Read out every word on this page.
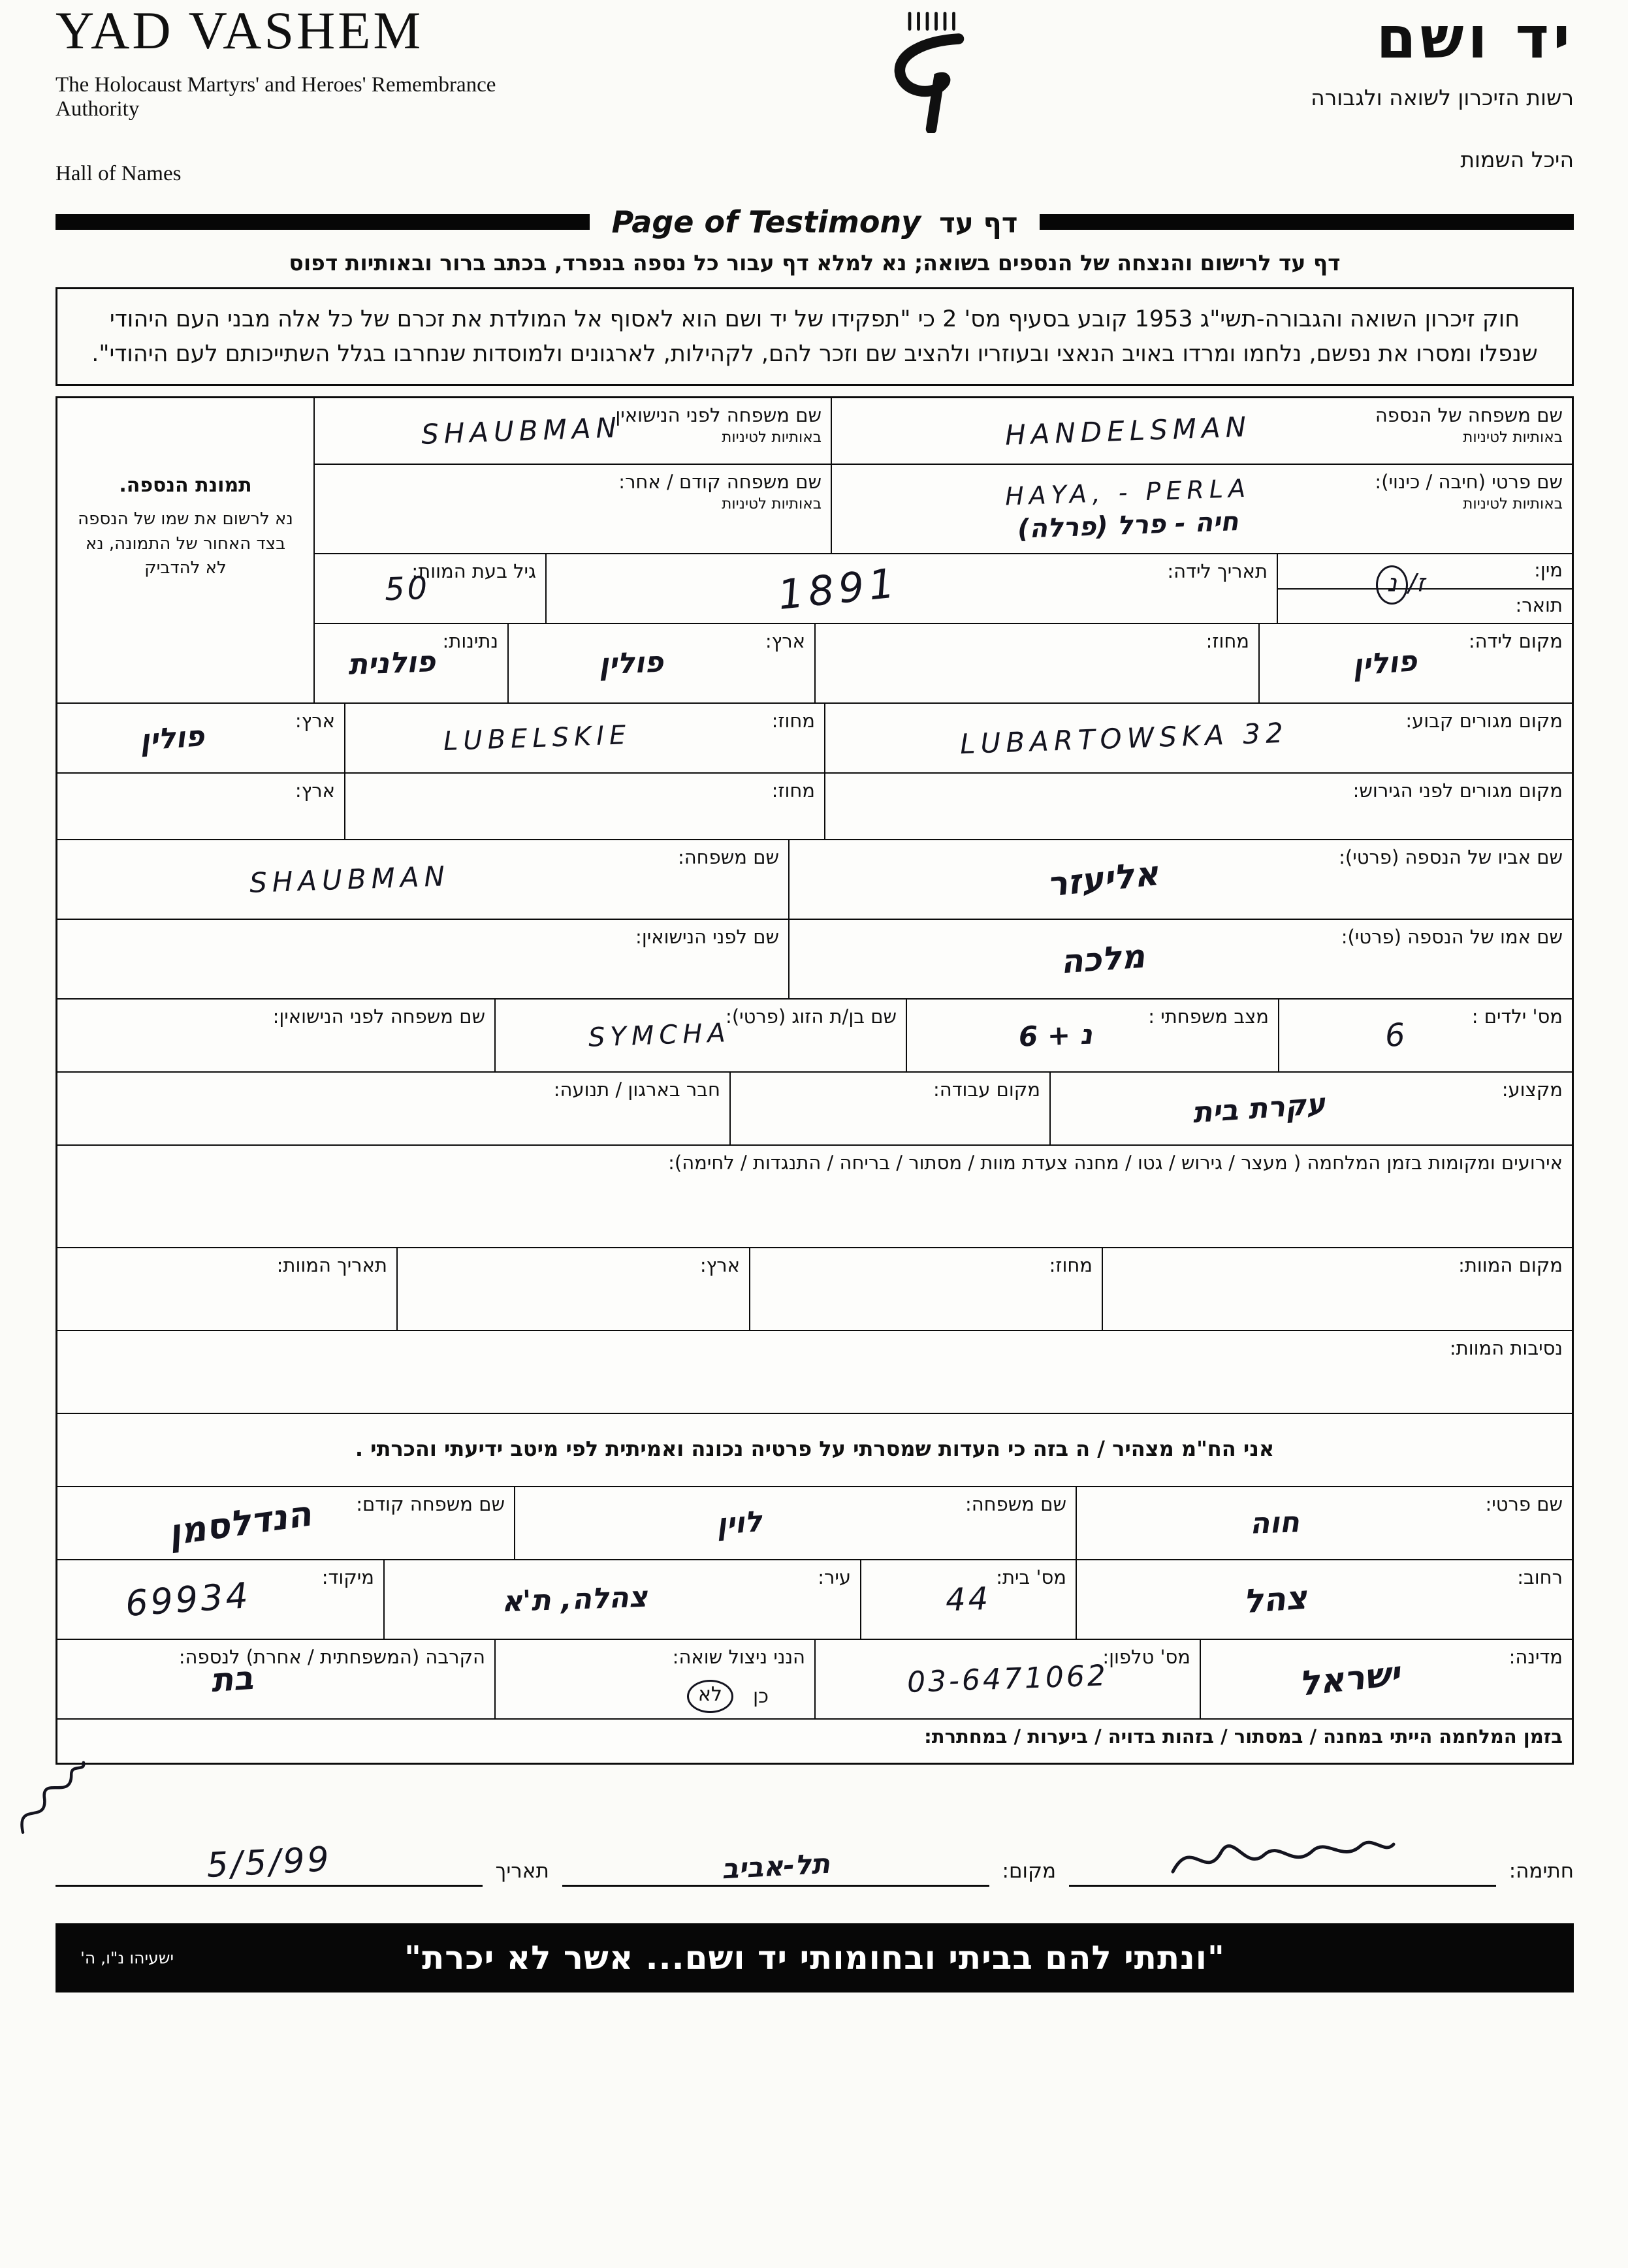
YAD VASHEM
The Holocaust Martyrs' and Heroes' Remembrance Authority
Hall of Names
יד ושם
רשות הזיכרון לשואה ולגבורה
היכל השמות
Page of Testimony דף עד
דף עד לרישום והנצחה של הנספים בשואה; נא למלא דף עבור כל נספה בנפרד, בכתב ברור ובאותיות דפוס
חוק זיכרון השואה והגבורה-תשי"ג 1953 קובע בסעיף מס' 2 כי "תפקידו של יד ושם הוא לאסוף אל המולדת את זכרם של כל אלה מבני העם היהודי שנפלו ומסרו את נפשם, נלחמו ומרדו באויב הנאצי ובעוזריו ולהציב שם וזכר להם, לקהילות, לארגונים ולמוסדות שנחרבו בגלל השתייכותם לעם היהודי".
שם משפחה של הנספה
באותיות לטיניות
HANDELSMAN
שם משפחה לפני הנישואין
באותיות לטיניות
SHAUBMAN
שם פרטי (חיבה / כינוי):
באותיות לטיניות
HAYA, - PERLA
חיה - פרל (פרלה)
שם משפחה קודם / אחר:
באותיות לטיניות
מין:
ז/נ
תואר:
תאריך לידה:
1891
גיל בעת המוות:
50
מקום לידה:
פולין
מחוז:
ארץ:
פולין
נתינות:
פולנית
תמונת הנספה.
נא לרשום את שמו של הנספה בצד האחור של התמונה, נא לא להדביק
מקום מגורים קבוע:
LUBARTOWSKA 32
מחוז:
LUBELSKIE
ארץ:
פולין
מקום מגורים לפני הגירוש:
מחוז:
ארץ:
שם אביו של הנספה (פרטי):
אליעזר
שם משפחה:
SHAUBMAN
שם אמו של הנספה (פרטי):
מלכה
שם לפני הנישואין:
מס' ילדים :
6
מצב משפחתי :
נ + 6
שם בן/ת הזוג (פרטי):
SYMCHA
שם משפחה לפני הנישואין:
מקצוע:
עקרת בית
מקום עבודה:
חבר בארגון / תנועה:
אירועים ומקומות בזמן המלחמה ( מעצר / גירוש / גטו / מחנה צעדת מוות / מסתור / בריחה / התנגדות / לחימה):
מקום המוות:
מחוז:
ארץ:
תאריך המוות:
נסיבות המוות:
אני הח"מ מצהיר / ה בזה כי העדות שמסרתי על פרטיה נכונה ואמיתית לפי מיטב ידיעתי והכרתי .
שם פרטי:
חוה
שם משפחה:
לוין
שם משפחה קודם:
הנדלסמן
רחוב:
צהל
מס' בית:
44
עיר:
צהלה, ת'א
מיקוד:
69934
מדינה:
ישראל
מס' טלפון:
03-6471062
הנני ניצול שואה:
כן
לא
הקרבה (המשפחתית / אחרת) לנספה:
בת
בזמן המלחמה הייתי במחנה / במסתור / בזהות בדויה / ביערות / במחתרת:
חתימה:
מקום:
תל-אביב
תאריך
5/5/99
"ונתתי להם בביתי ובחומותי יד ושם... אשר לא יכרת"
ישעיהו נ"ו, ה'
